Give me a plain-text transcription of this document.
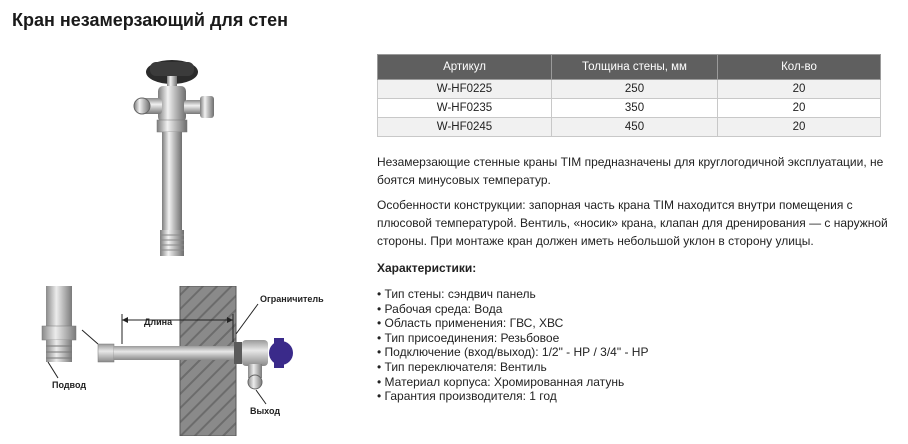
Кран незамерзающий для стен
Ограничитель
Длина
Подвод
Выход
Артикул	Толщина стены, мм	Кол-во
W-HF0225	250	20
W-HF0235	350	20
W-HF0245	450	20

Незамерзающие стенные краны TIM предназначены для круглогодичной эксплуатации, не боятся минусовых температур.

Особенности конструкции: запорная часть крана TIM находится внутри помещения с плюсовой температурой. Вентиль, «носик» крана, клапан для дренирования — с наружной стороны. При монтаже кран должен иметь небольшой уклон в сторону улицы.

Характеристики:
• Тип стены: сэндвич панель
• Рабочая среда: Вода
• Область применения: ГВС, ХВС
• Тип присоединения: Резьбовое
• Подключение (вход/выход): 1/2" - НР / 3/4" - НР
• Тип переключателя: Вентиль
• Материал корпуса: Хромированная латунь
• Гарантия производителя: 1 год
